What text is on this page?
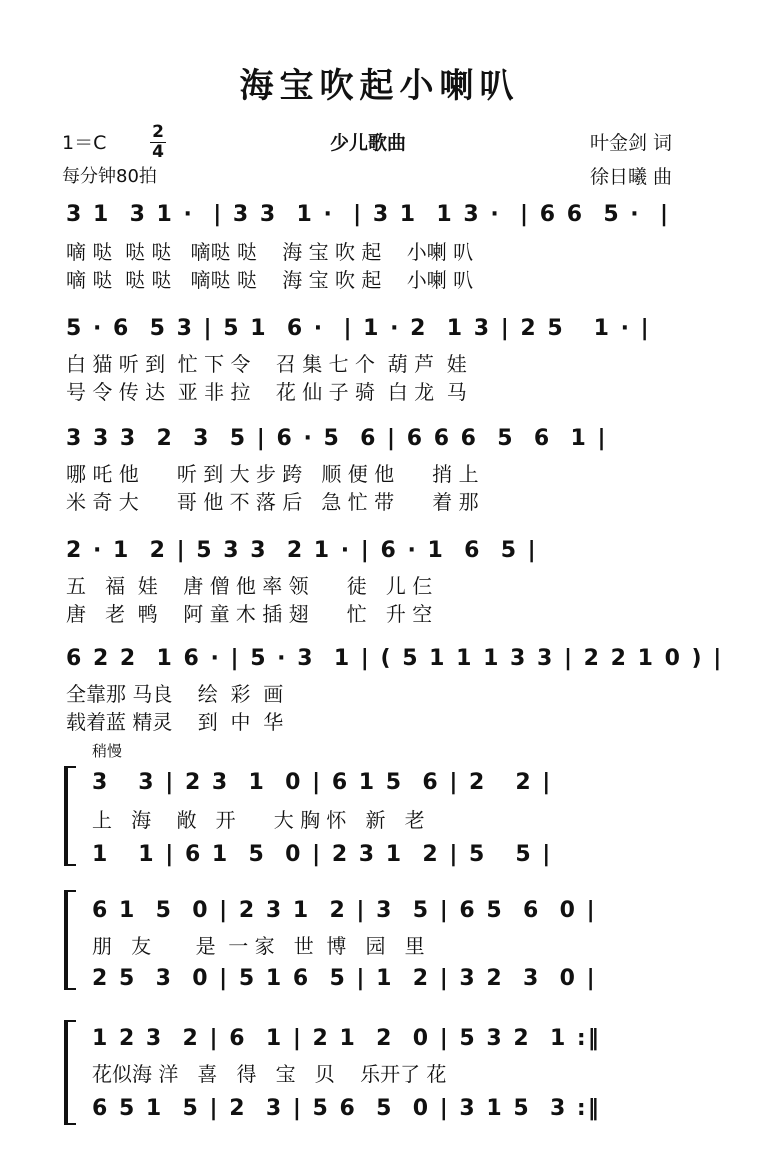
海宝吹起小喇叭
1＝C	2
4
每分钟80拍
少儿歌曲	叶金剑 词
徐日曦 曲
3 1  3 1 ·  | 3 3  1 ·  | 3 1  1 3 ·  | 6 6  5 ·  |
嘀 哒  哒 哒   嘀哒 哒    海 宝 吹 起    小喇 叭
嘀 哒  哒 哒   嘀哒 哒    海 宝 吹 起    小喇 叭
5 · 6  5 3 | 5 1  6 ·  | 1 · 2  1 3 | 2 5   1 · |
白 猫 听 到  忙 下 令    召 集 七 个  葫 芦  娃
号 令 传 达  亚 非 拉    花 仙 子 骑  白 龙  马
3 3 3  2  3  5 | 6 · 5  6 | 6 6 6  5  6  1 |
哪 吒 他      听 到 大 步 跨   顺 便 他      捎 上
米 奇 大      哥 他 不 落 后   急 忙 带      着 那
2 · 1  2 | 5 3 3  2 1 · | 6 · 1  6  5 |
五   福  娃    唐 僧 他 率 领      徒   儿 仨
唐   老  鸭    阿 童 木 插 翅      忙   升 空
6 2 2  1 6 · | 5 · 3  1 | ( 5 1 1 1 3 3 | 2 2 1 0 ) |
全靠那 马良    绘  彩  画
载着蓝 精灵    到  中  华
稍慢
3   3 | 2 3  1  0 | 6 1 5  6 | 2   2 |
上   海    敞   开      大 胸 怀   新   老
1   1 | 6 1  5  0 | 2 3 1  2 | 5   5 |
6 1  5  0 | 2 3 1  2 | 3  5 | 6 5  6  0 |
朋   友       是  一 家   世  博   园   里
2 5  3  0 | 5 1 6  5 | 1  2 | 3 2  3  0 |
1 2 3  2 | 6  1 | 2 1  2  0 | 5 3 2  1 :‖
花似海 洋   喜   得   宝   贝    乐开了 花
6 5 1  5 | 2  3 | 5 6  5  0 | 3 1 5  3 :‖
